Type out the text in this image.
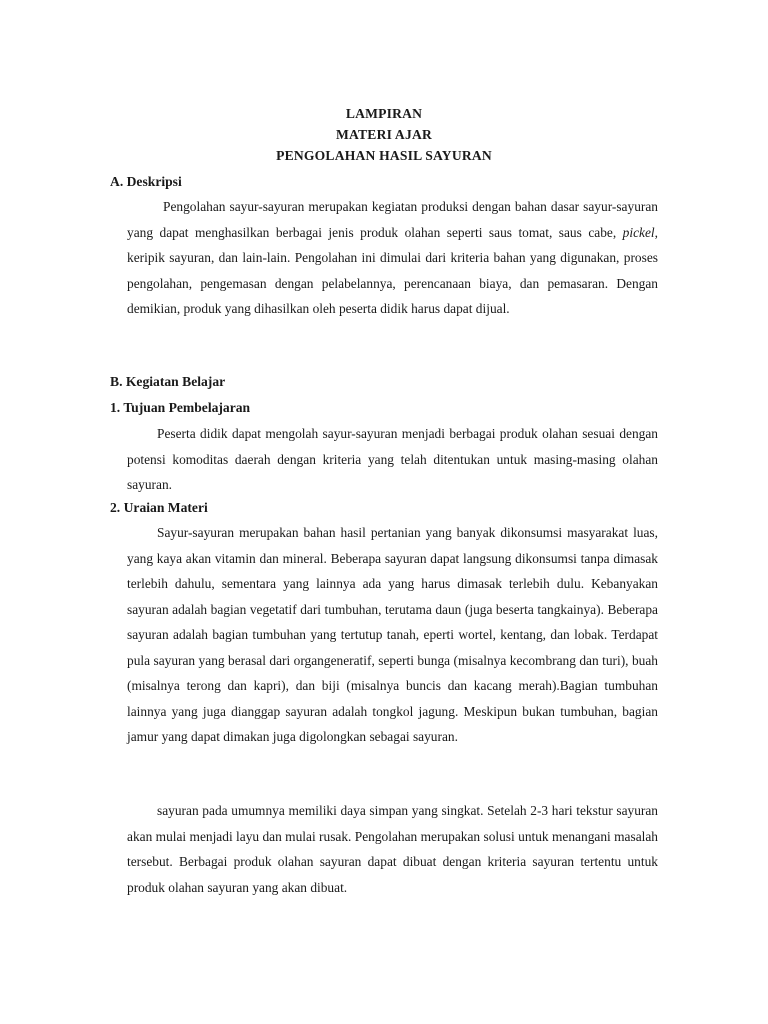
LAMPIRAN
MATERI AJAR
PENGOLAHAN HASIL SAYURAN
A. Deskripsi

Pengolahan sayur-sayuran merupakan kegiatan produksi dengan bahan dasar sayur-sayuran yang dapat menghasilkan berbagai jenis produk olahan seperti saus tomat, saus cabe, pickel, keripik sayuran, dan lain-lain. Pengolahan ini dimulai dari kriteria bahan yang digunakan, proses pengolahan, pengemasan dengan pelabelannya, perencanaan biaya, dan pemasaran. Dengan demikian, produk yang dihasilkan oleh peserta didik harus dapat dijual.

B. Kegiatan Belajar
1. Tujuan Pembelajaran

Peserta didik dapat mengolah sayur-sayuran menjadi berbagai produk olahan sesuai dengan potensi komoditas daerah dengan kriteria yang telah ditentukan untuk masing-masing olahan sayuran.

2. Uraian Materi

Sayur-sayuran merupakan bahan hasil pertanian yang banyak dikonsumsi masyarakat luas, yang kaya akan vitamin dan mineral. Beberapa sayuran dapat langsung dikonsumsi tanpa dimasak terlebih dahulu, sementara yang lainnya ada yang harus dimasak terlebih dulu. Kebanyakan sayuran adalah bagian vegetatif dari tumbuhan, terutama daun (juga beserta tangkainya). Beberapa sayuran adalah bagian tumbuhan yang tertutup tanah, eperti wortel, kentang, dan lobak. Terdapat pula sayuran yang berasal dari organgeneratif, seperti bunga (misalnya kecombrang dan turi), buah (misalnya terong dan kapri), dan biji (misalnya buncis dan kacang merah).Bagian tumbuhan lainnya yang juga dianggap sayuran adalah tongkol jagung. Meskipun bukan tumbuhan, bagian jamur yang dapat dimakan juga digolongkan sebagai sayuran.

sayuran pada umumnya memiliki daya simpan yang singkat. Setelah 2-3 hari tekstur sayuran akan mulai menjadi layu dan mulai rusak. Pengolahan merupakan solusi untuk menangani masalah tersebut. Berbagai produk olahan sayuran dapat dibuat dengan kriteria sayuran tertentu untuk produk olahan sayuran yang akan dibuat.
